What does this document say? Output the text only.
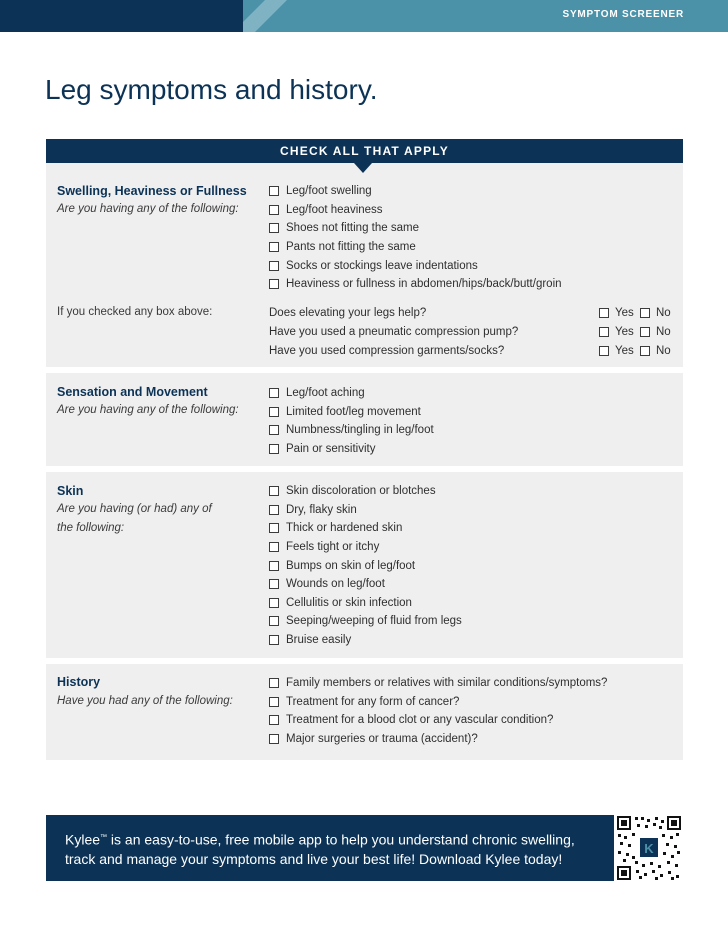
SYMPTOM SCREENER
Leg symptoms and history.
CHECK ALL THAT APPLY
Swelling, Heaviness or Fullness
Are you having any of the following:
Leg/foot swelling
Leg/foot heaviness
Shoes not fitting the same
Pants not fitting the same
Socks or stockings leave indentations
Heaviness or fullness in abdomen/hips/back/butt/groin
If you checked any box above:	Does elevating your legs help?	Yes	No
Have you used a pneumatic compression pump?	Yes	No
Have you used compression garments/socks?	Yes	No
Sensation and Movement
Are you having any of the following:
Leg/foot aching
Limited foot/leg movement
Numbness/tingling in leg/foot
Pain or sensitivity
Skin
Are you having (or had) any of the following:
Skin discoloration or blotches
Dry, flaky skin
Thick or hardened skin
Feels tight or itchy
Bumps on skin of leg/foot
Wounds on leg/foot
Cellulitis or skin infection
Seeping/weeping of fluid from legs
Bruise easily
History
Have you had any of the following:
Family members or relatives with similar conditions/symptoms?
Treatment for any form of cancer?
Treatment for a blood clot or any vascular condition?
Major surgeries or trauma (accident)?
Kylee™ is an easy-to-use, free mobile app to help you understand chronic swelling, track and manage your symptoms and live your best life! Download Kylee today!
K
